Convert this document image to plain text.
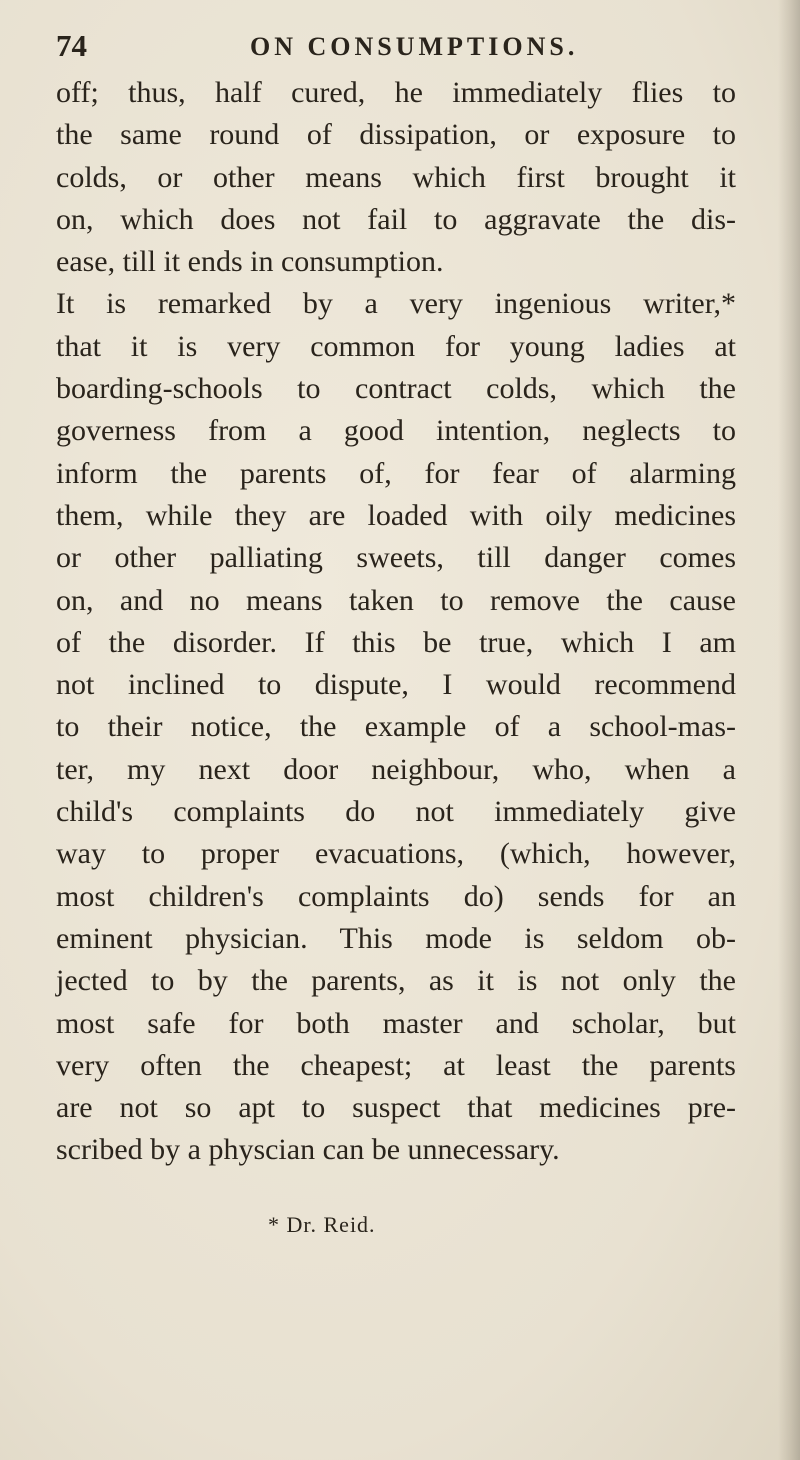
74	ON CONSUMPTIONS.
off; thus, half cured, he immediately flies to
the same round of dissipation, or exposure to
colds, or other means which first brought it
on, which does not fail to aggravate the dis-
ease, till it ends in consumption.
It is remarked by a very ingenious writer,*
that it is very common for young ladies at
boarding-schools to contract colds, which the
governess from a good intention, neglects to
inform the parents of, for fear of alarming
them, while they are loaded with oily medicines
or other palliating sweets, till danger comes
on, and no means taken to remove the cause
of the disorder. If this be true, which I am
not inclined to dispute, I would recommend
to their notice, the example of a school-mas-
ter, my next door neighbour, who, when a
child's complaints do not immediately give
way to proper evacuations, (which, however,
most children's complaints do) sends for an
eminent physician. This mode is seldom ob-
jected to by the parents, as it is not only the
most safe for both master and scholar, but
very often the cheapest; at least the parents
are not so apt to suspect that medicines pre-
scribed by a physcian can be unnecessary.
* Dr. Reid.
